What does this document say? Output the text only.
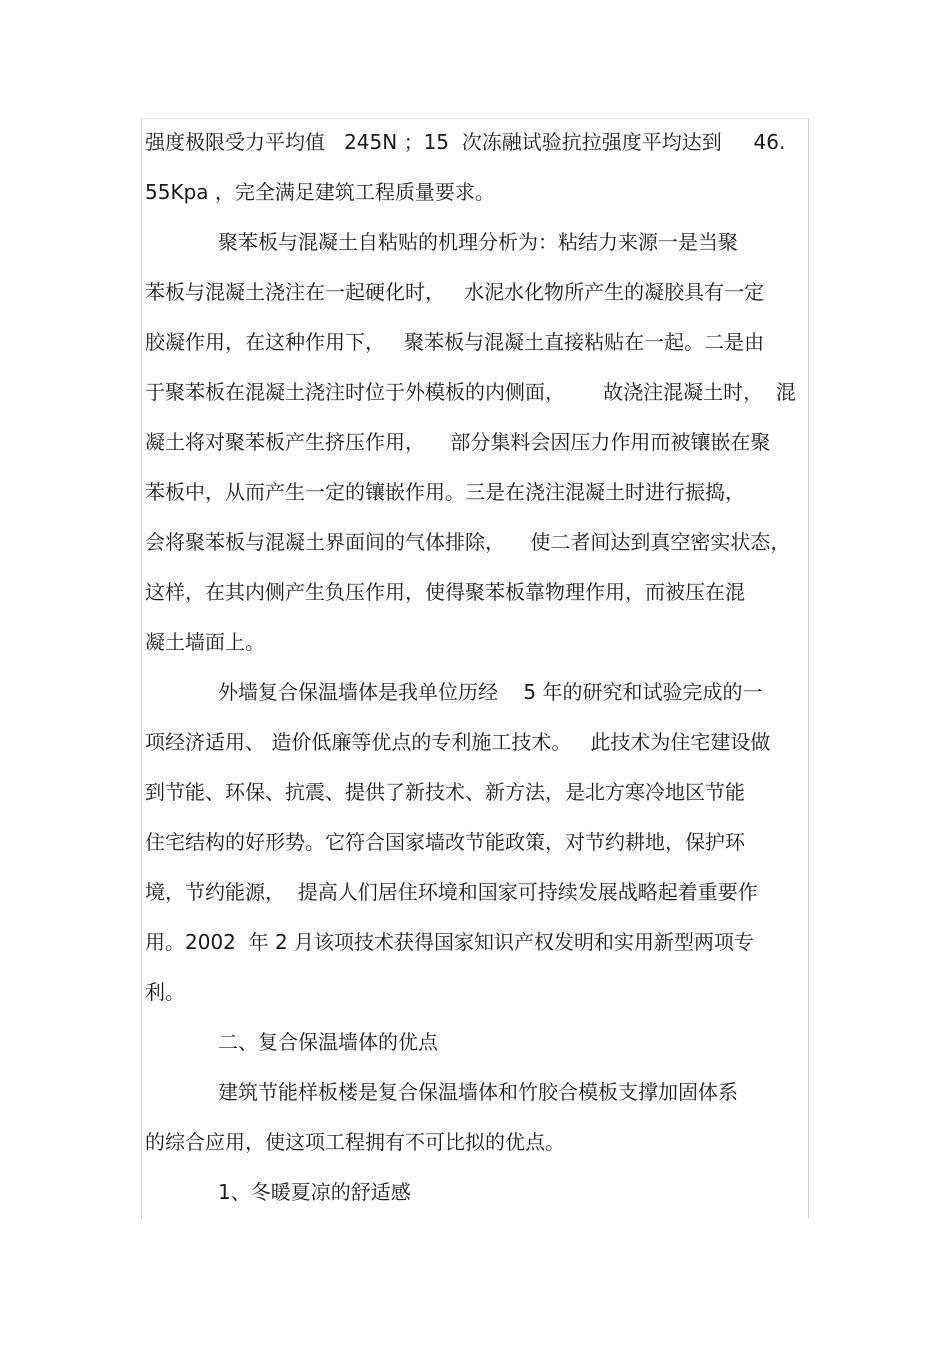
强度极限受力平均值   245N ；15  次冻融试验抗拉强度平均达到     46.
55Kpa ，完全满足建筑工程质量要求。
聚苯板与混凝土自粘贴的机理分析为：粘结力来源一是当聚
苯板与混凝土浇注在一起硬化时，   水泥水化物所产生的凝胶具有一定
胶凝作用，在这种作用下，   聚苯板与混凝土直接粘贴在一起。二是由
于聚苯板在混凝土浇注时位于外模板的内侧面，      故浇注混凝土时，  混
凝土将对聚苯板产生挤压作用，    部分集料会因压力作用而被镶嵌在聚
苯板中，从而产生一定的镶嵌作用。三是在浇注混凝土时进行振捣，
会将聚苯板与混凝土界面间的气体排除，    使二者间达到真空密实状态，
这样，在其内侧产生负压作用，使得聚苯板靠物理作用，而被压在混
凝土墙面上。
外墙复合保温墙体是我单位历经    5 年的研究和试验完成的一
项经济适用、 造价低廉等优点的专利施工技术。   此技术为住宅建设做
到节能、环保、抗震、提供了新技术、新方法，是北方寒冷地区节能
住宅结构的好形势。它符合国家墙改节能政策，对节约耕地，保护环
境，节约能源，  提高人们居住环境和国家可持续发展战略起着重要作
用。2002  年 2 月该项技术获得国家知识产权发明和实用新型两项专
利。
二、复合保温墙体的优点
建筑节能样板楼是复合保温墙体和竹胶合模板支撑加固体系
的综合应用，使这项工程拥有不可比拟的优点。
1、冬暖夏凉的舒适感
